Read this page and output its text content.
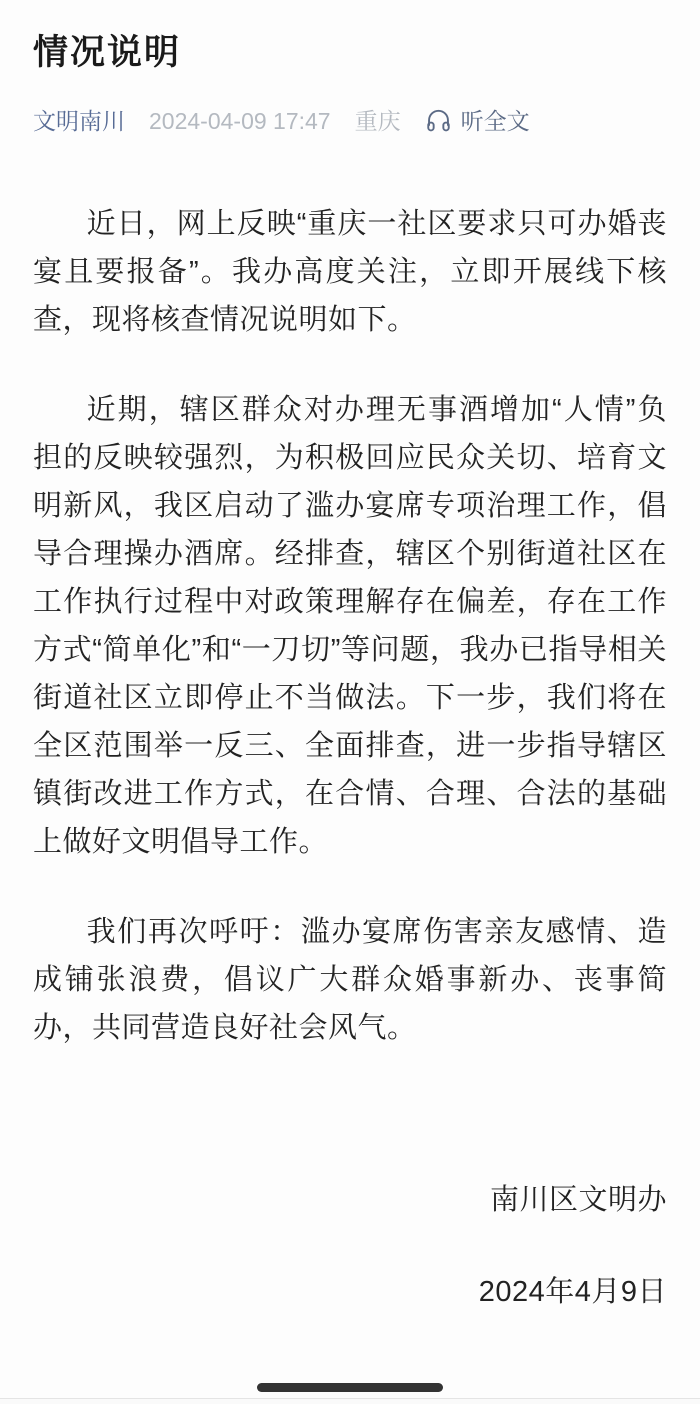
情况说明
文明南川 2024-04-09 17:47 重庆	听全文

近日，网上反映“重庆一社区要求只可办婚丧宴且要报备”。我办高度关注，立即开展线下核查，现将核查情况说明如下。

近期，辖区群众对办理无事酒增加“人情”负担的反映较强烈，为积极回应民众关切、培育文明新风，我区启动了滥办宴席专项治理工作，倡导合理操办酒席。经排查，辖区个别街道社区在工作执行过程中对政策理解存在偏差，存在工作方式“简单化”和“一刀切”等问题，我办已指导相关街道社区立即停止不当做法。下一步，我们将在全区范围举一反三、全面排查，进一步指导辖区镇街改进工作方式，在合情、合理、合法的基础上做好文明倡导工作。

我们再次呼吁：滥办宴席伤害亲友感情、造成铺张浪费，倡议广大群众婚事新办、丧事简办，共同营造良好社会风气。

南川区文明办

2024年4月9日
